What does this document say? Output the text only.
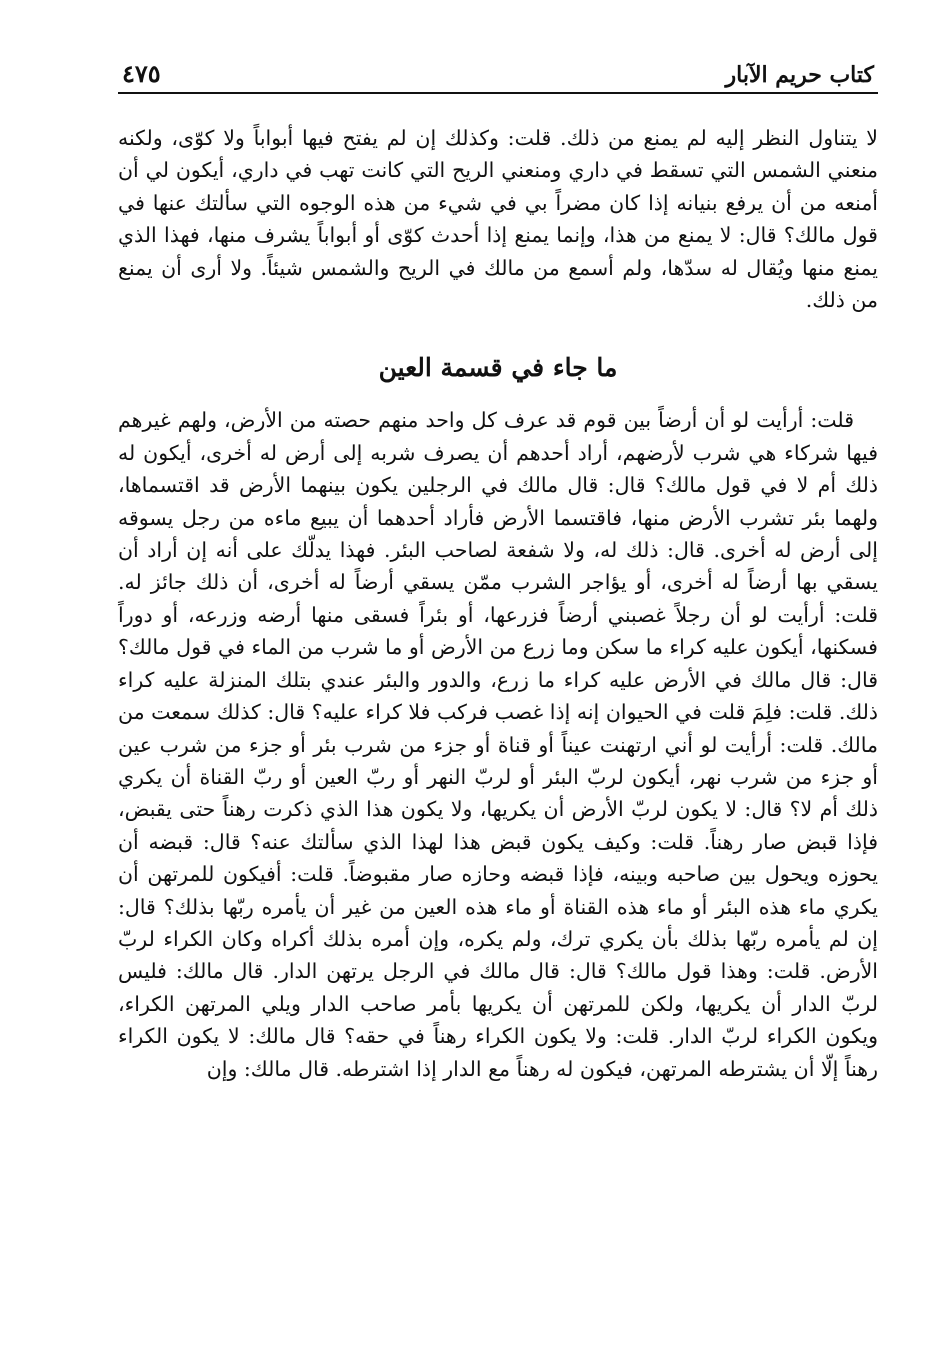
كتاب حريم الآبار
٤٧٥

لا يتناول النظر إليه لم يمنع من ذلك. قلت: وكذلك إن لم يفتح فيها أبواباً ولا كوّى، ولكنه منعني الشمس التي تسقط في داري ومنعني الريح التي كانت تهب في داري، أيكون لي أن أمنعه من أن يرفع بنيانه إذا كان مضراً بي في شيء من هذه الوجوه التي سألتك عنها في قول مالك؟ قال: لا يمنع من هذا، وإنما يمنع إذا أحدث كوّى أو أبواباً يشرف منها، فهذا الذي يمنع منها ويُقال له سدّها، ولم أسمع من مالك في الريح والشمس شيئاً. ولا أرى أن يمنع من ذلك.

ما جاء في قسمة العين

قلت: أرأيت لو أن أرضاً بين قوم قد عرف كل واحد منهم حصته من الأرض، ولهم غيرهم فيها شركاء هي شرب لأرضهم، أراد أحدهم أن يصرف شربه إلى أرض له أخرى، أيكون له ذلك أم لا في قول مالك؟ قال: قال مالك في الرجلين يكون بينهما الأرض قد اقتسماها، ولهما بئر تشرب الأرض منها، فاقتسما الأرض فأراد أحدهما أن يبيع ماءه من رجل يسوقه إلى أرض له أخرى. قال: ذلك له، ولا شفعة لصاحب البئر. فهذا يدلّك على أنه إن أراد أن يسقي بها أرضاً له أخرى، أو يؤاجر الشرب ممّن يسقي أرضاً له أخرى، أن ذلك جائز له. قلت: أرأيت لو أن رجلاً غصبني أرضاً فزرعها، أو بئراً فسقى منها أرضه وزرعه، أو دوراً فسكنها، أيكون عليه كراء ما سكن وما زرع من الأرض أو ما شرب من الماء في قول مالك؟ قال: قال مالك في الأرض عليه كراء ما زرع، والدور والبئر عندي بتلك المنزلة عليه كراء ذلك. قلت: فلِمَ قلت في الحيوان إنه إذا غصب فركب فلا كراء عليه؟ قال: كذلك سمعت من مالك. قلت: أرأيت لو أني ارتهنت عيناً أو قناة أو جزء من شرب بئر أو جزء من شرب عين أو جزء من شرب نهر، أيكون لربّ البئر أو لربّ النهر أو ربّ العين أو ربّ القناة أن يكري ذلك أم لا؟ قال: لا يكون لربّ الأرض أن يكريها، ولا يكون هذا الذي ذكرت رهناً حتى يقبض، فإذا قبض صار رهناً. قلت: وكيف يكون قبض هذا لهذا الذي سألتك عنه؟ قال: قبضه أن يحوزه ويحول بين صاحبه وبينه، فإذا قبضه وحازه صار مقبوضاً. قلت: أفيكون للمرتهن أن يكري ماء هذه البئر أو ماء هذه القناة أو ماء هذه العين من غير أن يأمره ربّها بذلك؟ قال: إن لم يأمره ربّها بذلك بأن يكري ترك، ولم يكره، وإن أمره بذلك أكراه وكان الكراء لربّ الأرض. قلت: وهذا قول مالك؟ قال: قال مالك في الرجل يرتهن الدار. قال مالك: فليس لربّ الدار أن يكريها، ولكن للمرتهن أن يكريها بأمر صاحب الدار ويلي المرتهن الكراء، ويكون الكراء لربّ الدار. قلت: ولا يكون الكراء رهناً في حقه؟ قال مالك: لا يكون الكراء رهناً إلّا أن يشترطه المرتهن، فيكون له رهناً مع الدار إذا اشترطه. قال مالك: وإن
